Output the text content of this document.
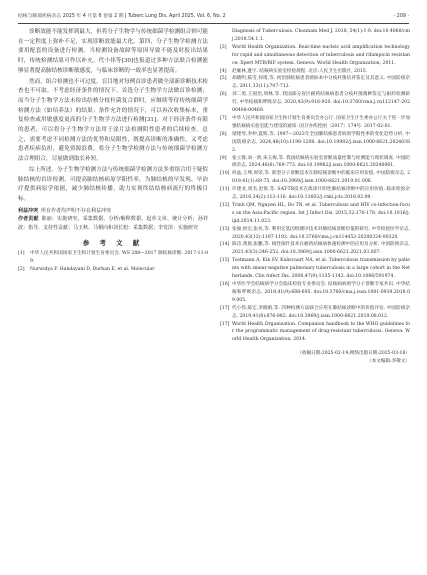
结核与肺部疾病杂志 2025 年 4 月第 6 卷第 2 期 J Tuberc Lung Dis, April 2025, Vol. 6, No. 2	· 209 ·

诊断效能不能发挥到最大，但将分子生物学与传统细菌学检测组合则可能在一定程度上弥补不足，实现诊断效能最大化。第四，分子生物学检测方法要用配套的设备进行检测。当检测设备故障等原因导致不能及时报出结果时，传统检测结果可作以补充。代小伟等[30]也报道过多种方法联合检测能够显著提高肺结核诊断敏感度，与临床诊断的一致率也显著提高。

然而，组合检测也不可过度，盲目地对每例首诊患者做全部新诊断技术检查也不可取。不考虑经济条件的情况下，首选分子生物学方法做首诊检测；而当分子生物学方法未检出结核分枝杆菌复合群时，应继续等待传统细菌学检测方法（如培养法）的结果；条件允许的情况下，可以再次收集标本，重复检查或用敏感度更高的分子生物学方法进行检测[31]。对于经济条件有限的患者，可以将分子生物学方法用于涂片法检测阴性患者的后续检查。总之，需要考虑不同检测方法的优势和局限性，既提高诊断的准确性，又考虑患者疾病负担，避免资源浪费。将分子生物学检测方法与传统细菌学检测方法合理组合，尽量做到取长补短。

综上所述，分子生物学检测方法与传统细菌学检测方法多重组合用于疑似肺结核的首诊检测，可提高肺结核病原学阳性率，为肺结核的早发现、早治疗提供病原学依据，减少肺结核传播，助力实现终结结核病流行的终极目标。

利益冲突 所有作者均声明不存在利益冲突
作者贡献 陈丽：实施研究、采集数据、分析/解释数据、起草文章、统计分析；孙祥波：指导、支持性贡献；马玉秋、马桐向和刘长旭：采集数据；李发滨：实施研究
参 考 文 献
[1]	中华人民共和国国家卫生和计划生育委员会. WS 288—2017 肺结核诊断. 2017-11-09.
[2]	Nurwidya F, Handayani D, Burhan E, et al. Molecular
Diagnosis of Tuberculosis. Chonnam Med J. 2018, 54(1):1-9. doi:10.4068/cmj.2018.54.1.1.
[3]	World Health Organization. Real-time nucleic acid amplification technology for rapid and simultaneous detection of tuberculosis and rifampicin resistance: Xpert MTB/RIF system. Geneva: World Health Organization, 2011.
[4]	赵雁林,逢宇. 结核病实验室检验规程. 北京:人民卫生出版社, 2015.
[5]	胡晓明,陈雪,何琦,等. 初治肺结核患者痰标本中分枝杆菌培养鉴定及其意义. 中国防痨杂志, 2011,33(11):707-712.
[6]	刘二勇,王国治,周林,等. 我国部分省区耐药结核病患者分枝杆菌菌种鉴定与耐药检测研究. 中华结核和呼吸杂志, 2020,43(9):916-920. doi:10.3760/cma.j.cn112147-20200408-00469.
[7]	中华人民共和国国家卫生和计划生育委员会办公厅. 国家卫生计生委办公厅关于进一步加强结核病实验室能力建设的通知. 国卫办疾控函〔2017〕174号. 2017-02-01.
[8]	梁建琴,李仲,夏辉,等. 1997—2023年全国肺结核患者病原学阳性率的变化趋势分析. 中国防痨杂志, 2024,46(10):1198-1208. doi:10.19982/j.issn.1000-6621.20240382.
[9]	张立群,刘一典,朱玉梅,等. 我国结核病实验室诊断质量控制与检测能力现状调查. 中国防痨杂志, 2024,46(6):769-773. doi:10.19982/j.issn.1000-6621.20240061.
[10] 何晶,王坤,周荣,等. 新型分子诊断技术在肺结核诊断中的临床应用价值. 中国防痨杂志, 2019,41(1):69-75. doi:10.3969/j.issn.1000-6621.2019.01.006.
[11] 许建业,周杰,赵蓉,等. SAT-TB技术在痰涂片阴性肺结核诊断中的应用价值. 临床检验杂志, 2016,34(2):113-116. doi:10.13602/j.cnki.jcls.2016.02.09.
[12] Trinh QM, Nguyen HL, Do TN, et al. Tuberculosis and HIV co-infection-focus on the Asia-Pacific region. Int J Infect Dis, 2015,32:170-178. doi:10.1016/j.ijid.2014.11.023.
[13] 张俊,侯宏,张亮,等. 利用宏基因组测序技术对肺结核诊断价值的研究. 中华检验医学杂志, 2020,43(12):1187-1192. doi:10.3760/cma.j.cn114452-20200324-00320.
[14] 陈诗,黄晨,张鹏,等. 线性探针技术在耐药结核病快速检测中的应用及分析. 中国防痨杂志, 2021,43(3):246-252. doi:10.3969/j.issn.1000-6621.2021.03.007.
[15] Tostmann A, Kik SV, Kalisvaart NA, et al. Tuberculosis transmission by patients with smear-negative pulmonary tuberculosis in a large cohort in the Netherlands. Clin Infect Dis, 2008,47(9):1135-1142. doi:10.1086/591974.
[16] 中华医学会结核病学分会临床检验专业委员会. 结核病病原学分子诊断专家共识. 中华结核和呼吸杂志, 2018,41(9):688-695. doi:10.3760/cma.j.issn.1001-0939.2018.09.005.
[17] 代小伟,陈宏,李晓娟,等. 四种检测方法联合应用在肺结核诊断中的价值评估. 中国防痨杂志, 2019,41(8):876-882. doi:10.3969/j.issn.1000-6621.2019.08.012.
[17] World Health Organization. Companion handbook to the WHO guidelines for the programmatic management of drug-resistant tuberculosis. Geneva: World Health Organization, 2014.
（收稿日期:2025-02-19;网络出版日期:2025-03-18）
（本文编辑:李敬文）
